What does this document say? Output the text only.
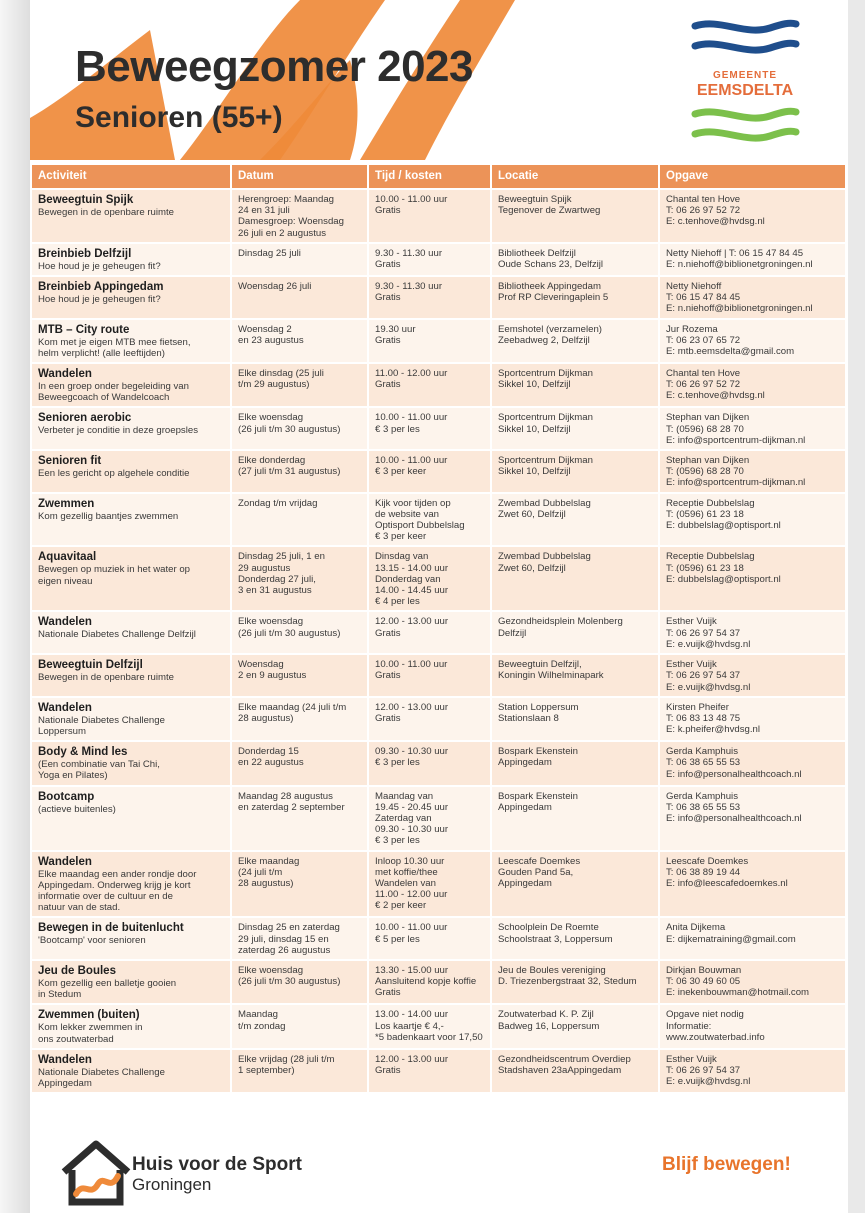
Beweegzomer 2023
Senioren (55+)
GEMEENTE
EEMSDELTA
Activiteit	Datum	Tijd / kosten	Locatie	Opgave

Beweegtuin Spijk
Bewegen in de openbare ruimte	Herengroep: Maandag
24 en 31 juli
Damesgroep: Woensdag
26 juli en 2 augustus	10.00 - 11.00 uur
Gratis	Beweegtuin Spijk
Tegenover de Zwartweg	Chantal ten Hove
T: 06 26 97 52 72
E: c.tenhove@hvdsg.nl

Breinbieb Delfzijl
Hoe houd je je geheugen fit?	Dinsdag 25 juli	9.30 - 11.30 uur
Gratis	Bibliotheek Delfzijl
Oude Schans 23, Delfzijl	Netty Niehoff | T: 06 15 47 84 45
E: n.niehoff@biblionetgroningen.nl

Breinbieb Appingedam
Hoe houd je je geheugen fit?	Woensdag 26 juli	9.30 - 11.30 uur
Gratis	Bibliotheek Appingedam
Prof RP Cleveringaplein 5	Netty Niehoff
T: 06 15 47 84 45
E: n.niehoff@biblionetgroningen.nl

MTB – City route
Kom met je eigen MTB mee fietsen,
helm verplicht! (alle leeftijden)	Woensdag 2
en 23 augustus	19.30 uur
Gratis	Eemshotel (verzamelen)
Zeebadweg 2, Delfzijl	Jur Rozema
T: 06 23 07 65 72
E: mtb.eemsdelta@gmail.com

Wandelen
In een groep onder begeleiding van
Beweegcoach of Wandelcoach	Elke dinsdag (25 juli
t/m 29 augustus)	11.00 - 12.00 uur
Gratis	Sportcentrum Dijkman
Sikkel 10, Delfzijl	Chantal ten Hove
T: 06 26 97 52 72
E: c.tenhove@hvdsg.nl

Senioren aerobic
Verbeter je conditie in deze groepsles	Elke woensdag
(26 juli t/m 30 augustus)	10.00 - 11.00 uur
€ 3 per les	Sportcentrum Dijkman
Sikkel 10, Delfzijl	Stephan van Dijken
T: (0596) 68 28 70
E: info@sportcentrum-dijkman.nl

Senioren fit
Een les gericht op algehele conditie	Elke donderdag
(27 juli t/m 31 augustus)	10.00 - 11.00 uur
€ 3 per keer	Sportcentrum Dijkman
Sikkel 10, Delfzijl	Stephan van Dijken
T: (0596) 68 28 70
E: info@sportcentrum-dijkman.nl

Zwemmen
Kom gezellig baantjes zwemmen	Zondag t/m vrijdag	Kijk voor tijden op
de website van
Optisport Dubbelslag
€ 3 per keer	Zwembad Dubbelslag
Zwet 60, Delfzijl	Receptie Dubbelslag
T: (0596) 61 23 18
E: dubbelslag@optisport.nl

Aquavitaal
Bewegen op muziek in het water op
eigen niveau	Dinsdag 25 juli, 1 en
29 augustus
Donderdag 27 juli,
3 en 31 augustus	Dinsdag van
13.15 - 14.00 uur
Donderdag van
14.00 - 14.45 uur
€ 4 per les	Zwembad Dubbelslag
Zwet 60, Delfzijl	Receptie Dubbelslag
T: (0596) 61 23 18
E: dubbelslag@optisport.nl

Wandelen
Nationale Diabetes Challenge Delfzijl	Elke woensdag
(26 juli t/m 30 augustus)	12.00 - 13.00 uur
Gratis	Gezondheidsplein Molenberg
Delfzijl	Esther Vuijk
T: 06 26 97 54 37
E: e.vuijk@hvdsg.nl

Beweegtuin Delfzijl
Bewegen in de openbare ruimte	Woensdag
2 en 9 augustus	10.00 - 11.00 uur
Gratis	Beweegtuin Delfzijl,
Koningin Wilhelminapark	Esther Vuijk
T: 06 26 97 54 37
E: e.vuijk@hvdsg.nl

Wandelen
Nationale Diabetes Challenge
Loppersum	Elke maandag (24 juli t/m
28 augustus)	12.00 - 13.00 uur
Gratis	Station Loppersum
Stationslaan 8	Kirsten Pheifer
T: 06 83 13 48 75
E: k.pheifer@hvdsg.nl

Body & Mind les
(Een combinatie van Tai Chi,
Yoga en Pilates)	Donderdag 15
en 22 augustus	09.30 - 10.30 uur
€ 3 per les	Bospark Ekenstein
Appingedam	Gerda Kamphuis
T: 06 38 65 55 53
E: info@personalhealthcoach.nl

Bootcamp
(actieve buitenles)	Maandag 28 augustus
en zaterdag 2 september	Maandag van
19.45 - 20.45 uur
Zaterdag van
09.30 - 10.30 uur
€ 3 per les	Bospark Ekenstein
Appingedam	Gerda Kamphuis
T: 06 38 65 55 53
E: info@personalhealthcoach.nl

Wandelen
Elke maandag een ander rondje door
Appingedam. Onderweg krijg je kort
informatie over de cultuur en de
natuur van de stad.	Elke maandag
(24 juli t/m
28 augustus)	Inloop 10.30 uur
met koffie/thee
Wandelen van
11.00 - 12.00 uur
€ 2 per keer	Leescafe Doemkes
Gouden Pand 5a,
Appingedam	Leescafe Doemkes
T: 06 38 89 19 44
E: info@leescafedoemkes.nl

Bewegen in de buitenlucht
'Bootcamp' voor senioren	Dinsdag 25 en zaterdag
29 juli, dinsdag 15 en
zaterdag 26 augustus	10.00 - 11.00 uur
€ 5 per les	Schoolplein De Roemte
Schoolstraat 3, Loppersum	Anita Dijkema
E: dijkematraining@gmail.com

Jeu de Boules
Kom gezellig een balletje gooien
in Stedum	Elke woensdag
(26 juli t/m 30 augustus)	13.30 - 15.00 uur
Aansluitend kopje koffie
Gratis	Jeu de Boules vereniging
D. Triezenbergstraat 32, Stedum	Dirkjan Bouwman
T: 06 30 49 60 05
E: inekenbouwman@hotmail.com

Zwemmen (buiten)
Kom lekker zwemmen in
ons zoutwaterbad	Maandag
t/m zondag	13.00 - 14.00 uur
Los kaartje € 4,-
*5 badenkaart voor 17,50	Zoutwaterbad K. P. Zijl
Badweg 16, Loppersum	Opgave niet nodig
Informatie:
www.zoutwaterbad.info

Wandelen
Nationale Diabetes Challenge
Appingedam	Elke vrijdag (28 juli t/m
1 september)	12.00 - 13.00 uur
Gratis	Gezondheidscentrum Overdiep
Stadshaven 23aAppingedam	Esther Vuijk
T: 06 26 97 54 37
E: e.vuijk@hvdsg.nl
Huis voor de Sport
Groningen
Blijf bewegen!
